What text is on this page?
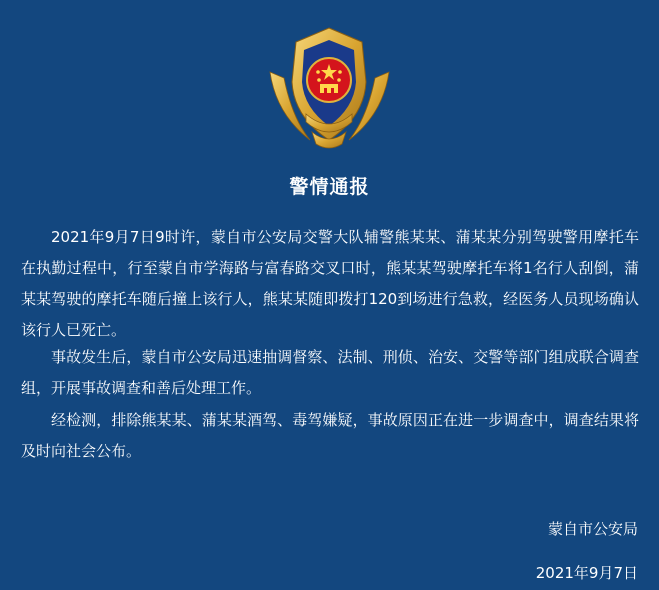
警情通报

2021年9月7日9时许，蒙自市公安局交警大队辅警熊某某、蒲某某分别驾驶警用摩托车在执勤过程中，行至蒙自市学海路与富春路交叉口时，熊某某驾驶摩托车将1名行人刮倒，蒲某某驾驶的摩托车随后撞上该行人，熊某某随即拨打120到场进行急救，经医务人员现场确认该行人已死亡。

事故发生后，蒙自市公安局迅速抽调督察、法制、刑侦、治安、交警等部门组成联合调查组，开展事故调查和善后处理工作。

经检测，排除熊某某、蒲某某酒驾、毒驾嫌疑，事故原因正在进一步调查中，调查结果将及时向社会公布。

蒙自市公安局
2021年9月7日
